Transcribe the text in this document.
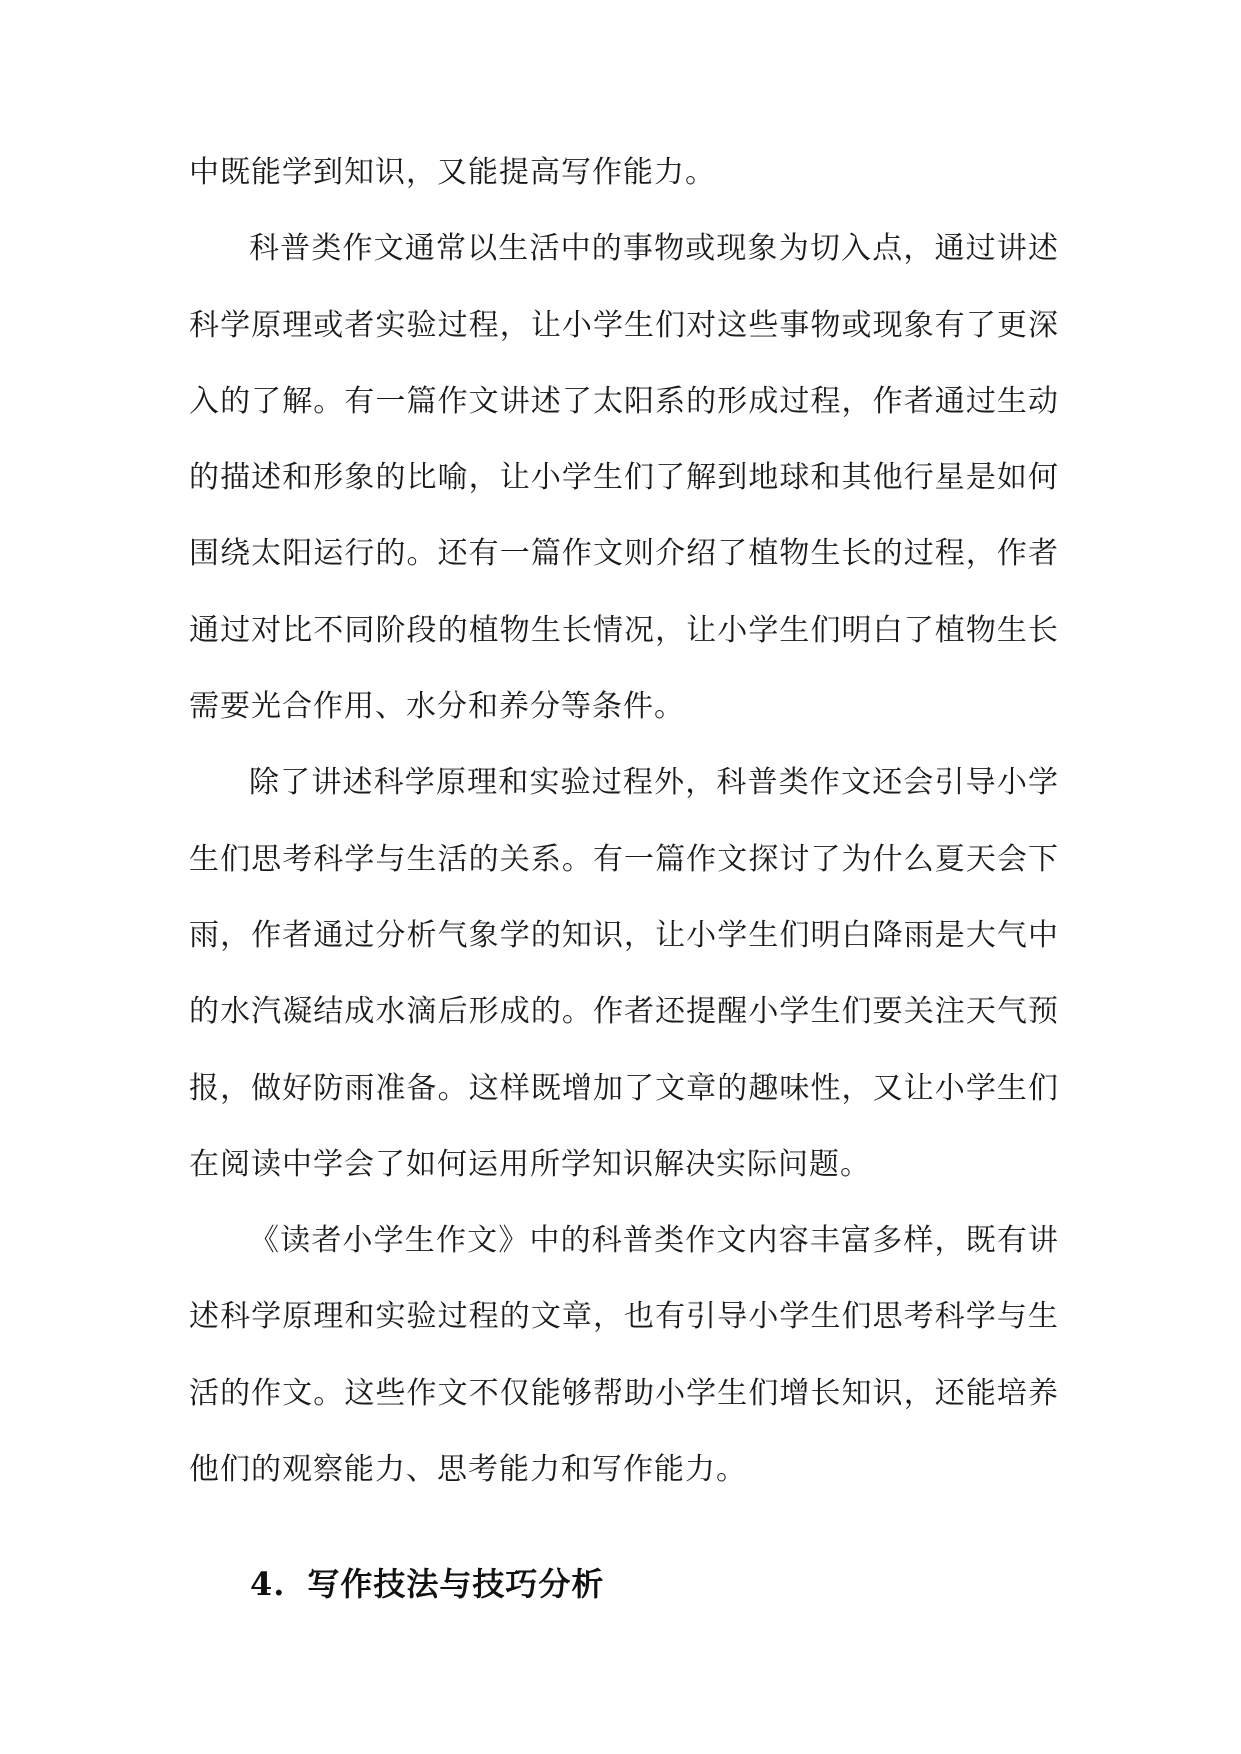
中既能学到知识，又能提高写作能力。

科普类作文通常以生活中的事物或现象为切入点，通过讲述科学原理或者实验过程，让小学生们对这些事物或现象有了更深入的了解。有一篇作文讲述了太阳系的形成过程，作者通过生动的描述和形象的比喻，让小学生们了解到地球和其他行星是如何围绕太阳运行的。还有一篇作文则介绍了植物生长的过程，作者通过对比不同阶段的植物生长情况，让小学生们明白了植物生长需要光合作用、水分和养分等条件。

除了讲述科学原理和实验过程外，科普类作文还会引导小学生们思考科学与生活的关系。有一篇作文探讨了为什么夏天会下雨，作者通过分析气象学的知识，让小学生们明白降雨是大气中的水汽凝结成水滴后形成的。作者还提醒小学生们要关注天气预报，做好防雨准备。这样既增加了文章的趣味性，又让小学生们在阅读中学会了如何运用所学知识解决实际问题。

《读者小学生作文》中的科普类作文内容丰富多样，既有讲述科学原理和实验过程的文章，也有引导小学生们思考科学与生活的作文。这些作文不仅能够帮助小学生们增长知识，还能培养他们的观察能力、思考能力和写作能力。

4. 写作技法与技巧分析
